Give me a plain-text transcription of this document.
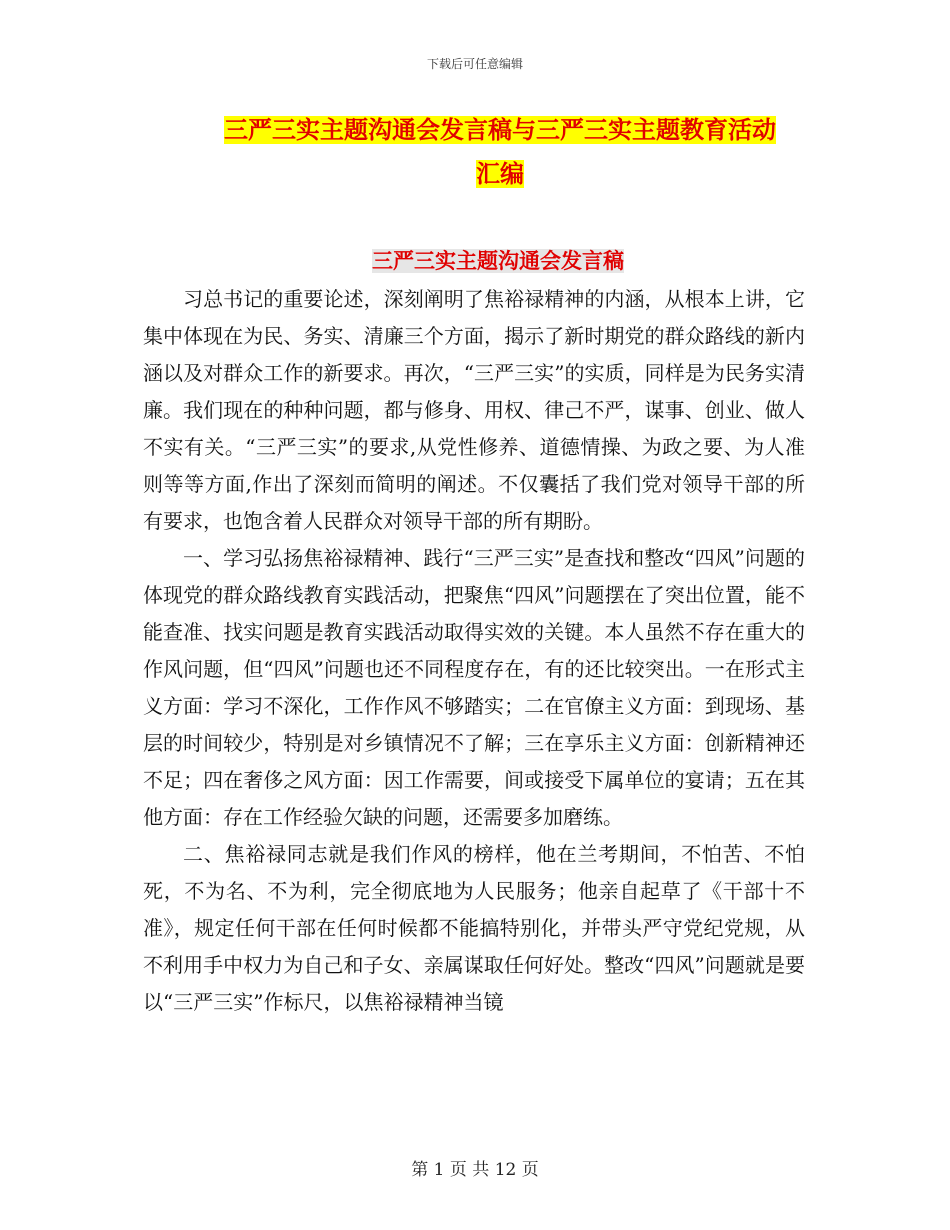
下载后可任意编辑
三严三实主题沟通会发言稿与三严三实主题教育活动
汇编
三严三实主题沟通会发言稿

习总书记的重要论述，深刻阐明了焦裕禄精神的内涵，从根本上讲，它集中体现在为民、务实、清廉三个方面，揭示了新时期党的群众路线的新内涵以及对群众工作的新要求。再次，“三严三实”的实质，同样是为民务实清廉。我们现在的种种问题，都与修身、用权、律己不严，谋事、创业、做人不实有关。“三严三实”的要求,从党性修养、道德情操、为政之要、为人准则等等方面,作出了深刻而简明的阐述。不仅囊括了我们党对领导干部的所有要求，也饱含着人民群众对领导干部的所有期盼。

一、学习弘扬焦裕禄精神、践行“三严三实”是查找和整改“四风”问题的体现党的群众路线教育实践活动，把聚焦“四风”问题摆在了突出位置，能不能查准、找实问题是教育实践活动取得实效的关键。本人虽然不存在重大的作风问题，但“四风”问题也还不同程度存在，有的还比较突出。一在形式主义方面：学习不深化，工作作风不够踏实；二在官僚主义方面：到现场、基层的时间较少，特别是对乡镇情况不了解；三在享乐主义方面：创新精神还不足；四在奢侈之风方面：因工作需要，间或接受下属单位的宴请；五在其他方面：存在工作经验欠缺的问题，还需要多加磨练。

二、焦裕禄同志就是我们作风的榜样，他在兰考期间，不怕苦、不怕死，不为名、不为利，完全彻底地为人民服务；他亲自起草了《干部十不准》，规定任何干部在任何时候都不能搞特别化，并带头严守党纪党规，从不利用手中权力为自己和子女、亲属谋取任何好处。整改“四风”问题就是要以“三严三实”作标尺，以焦裕禄精神当镜

第 1 页 共 12 页
